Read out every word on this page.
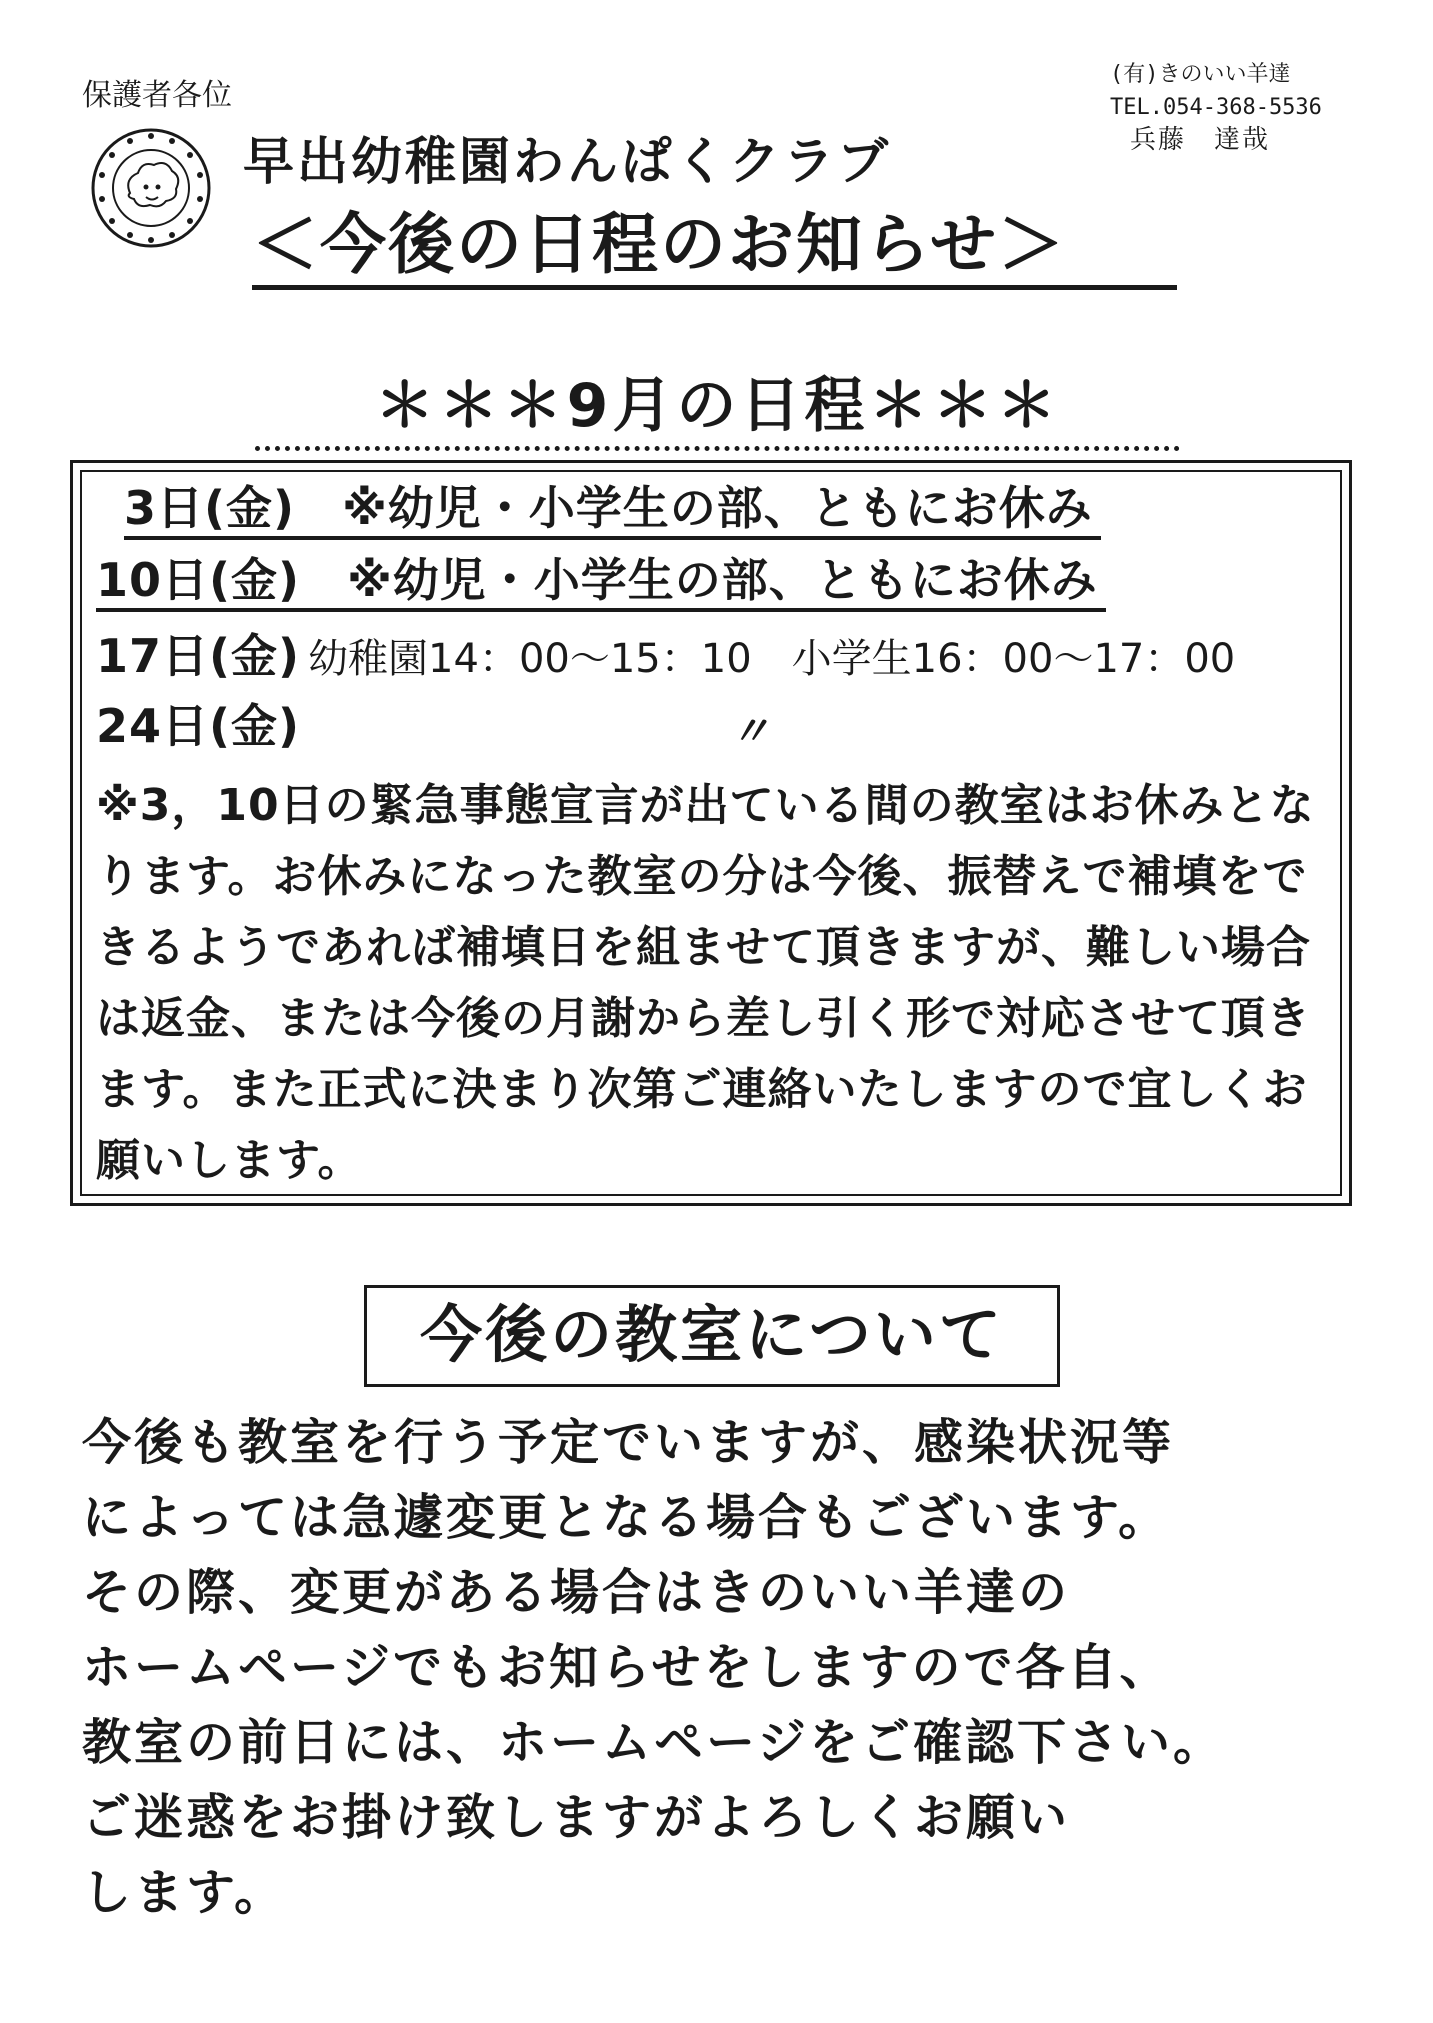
保護者各位
(有)きのいい羊達
TEL.054-368-5536
兵藤　達哉
早出幼稚園わんぱくクラブ
＜今後の日程のお知らせ＞
＊＊＊9月の日程＊＊＊
3日(金)　 ※幼児・小学生の部、ともにお休み
10日(金)　 ※幼児・小学生の部、ともにお休み
17日(金) 幼稚園14：00～15：10　小学生16：00～17：00
24日(金)	〃
※3，10日の緊急事態宣言が出ている間の教室はお休みとなります。お休みになった教室の分は今後、振替えで補填をできるようであれば補填日を組ませて頂きますが、難しい場合は返金、または今後の月謝から差し引く形で対応させて頂きます。また正式に決まり次第ご連絡いたしますので宜しくお願いします。
今後の教室について
今後も教室を行う予定でいますが、感染状況等
によっては急遽変更となる場合もございます。
その際、変更がある場合はきのいい羊達の
ホームページでもお知らせをしますので各自、
教室の前日には、ホームページをご確認下さい。
ご迷惑をお掛け致しますがよろしくお願い
します。
